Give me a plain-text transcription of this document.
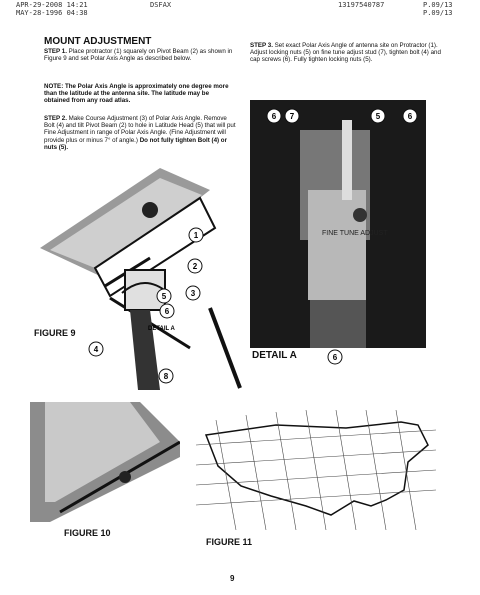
APR-29-2008 14:21
MAY-28-1996 04:38
DSFAX	13197540787	P.09/13
P.09/13
MOUNT ADJUSTMENT

STEP 1. Place protractor (1) squarely on Pivot Beam (2) as shown in Figure 9 and set Polar Axis Angle as described below.

NOTE: The Polar Axis Angle is approximately one degree more than the latitude at the antenna site. The latitude may be obtained from any road atlas.

STEP 2. Make Course Adjustment (3) of Polar Axis Angle. Remove Bolt (4) and tilt Pivot Beam (2) to hole in Latitude Head (5) that will put Fine Adjustment in range of Polar Axis Angle. (Fine Adjustment will provide plus or minus 7° of angle.) Do not fully tighten Bolt (4) or nuts (5).

STEP 3. Set exact Polar Axis Angle of antenna site on Protractor (1). Adjust locking nuts (5) on fine tune adjust stud (7), tighten bolt (4) and cap screws (6). Fully tighten locking nuts (5).

1
2
3
4
5
6
8
DETAIL A
FIGURE 9
FINE TUNE ADJUST
6 7	5	6
6
DETAIL A
FIGURE 10
FIGURE 11
9
